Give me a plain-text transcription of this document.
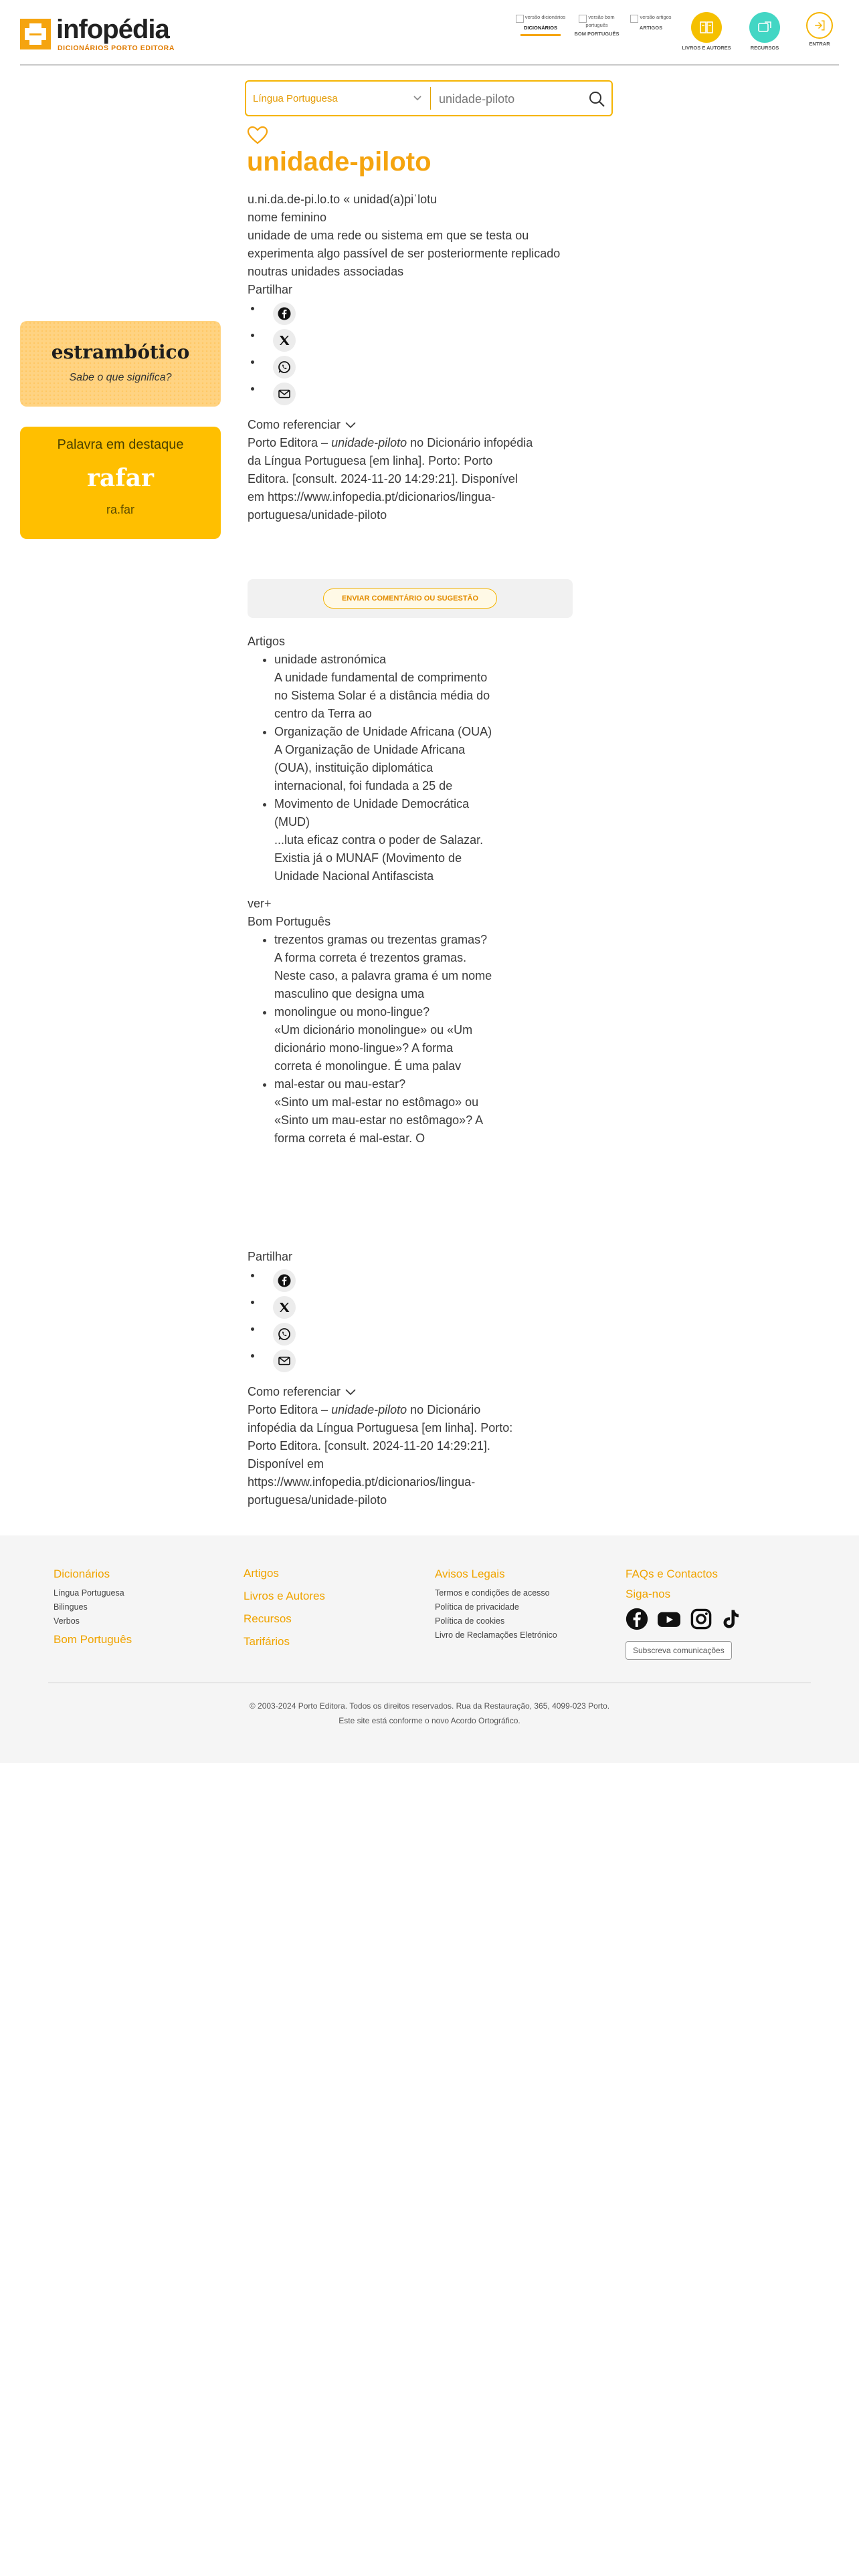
infopédia
DICIONÁRIOS PORTO EDITORA
versão dicionários
DICIONÁRIOS
versão bom português
BOM PORTUGUÊS
versão artigos
ARTIGOS
LIVROS E AUTORES	RECURSOS
ENTRAR
Língua Portuguesa
unidade-piloto
estrambótico
Sabe o que significa?
Palavra em destaque
rafar
ra.far
unidade-piloto
u.ni.da.de-pi.lo.to « unidad(a)piˈlotu
nome feminino
unidade de uma rede ou sistema em que se testa ou experimenta algo passível de ser posteriormente replicado noutras unidades associadas
Partilhar
Como referenciar
Porto Editora – unidade-piloto no Dicionário infopédia da Língua Portuguesa [em linha]. Porto: Porto Editora. [consult. 2024-11-20 14:29:21]. Disponível em https://www.infopedia.pt/dicionarios/lingua-portuguesa/unidade-piloto
ENVIAR COMENTÁRIO OU SUGESTÃO
Artigos
• unidade astronómica
A unidade fundamental de comprimento no Sistema Solar é a distância média do centro da Terra ao
• Organização de Unidade Africana (OUA)
A Organização de Unidade Africana (OUA), instituição diplomática internacional, foi fundada a 25 de
• Movimento de Unidade Democrática (MUD)
...luta eficaz contra o poder de Salazar. Existia já o MUNAF (Movimento de Unidade Nacional Antifascista
ver+
Bom Português
• trezentos gramas ou trezentas gramas?
A forma correta é trezentos gramas. Neste caso, a palavra grama é um nome masculino que designa uma
• monolingue ou mono-lingue?
«Um dicionário monolingue» ou «Um dicionário mono-lingue»? A forma correta é monolingue. É uma palav
• mal-estar ou mau-estar?
«Sinto um mal-estar no estômago» ou «Sinto um mau-estar no estômago»? A forma correta é mal-estar. O
Partilhar
Como referenciar
Porto Editora – unidade-piloto no Dicionário infopédia da Língua Portuguesa [em linha]. Porto: Porto Editora. [consult. 2024-11-20 14:29:21]. Disponível em https://www.infopedia.pt/dicionarios/lingua-portuguesa/unidade-piloto
Dicionários
Língua Portuguesa
Bilingues
Verbos
Bom Português
Artigos
Livros e Autores
Recursos
Tarifários
Avisos Legais
Termos e condições de acesso
Política de privacidade
Política de cookies
Livro de Reclamações Eletrónico
FAQs e Contactos
Siga-nos
Subscreva comunicações
© 2003-2024 Porto Editora. Todos os direitos reservados. Rua da Restauração, 365, 4099-023 Porto.
Este site está conforme o novo Acordo Ortográfico.
